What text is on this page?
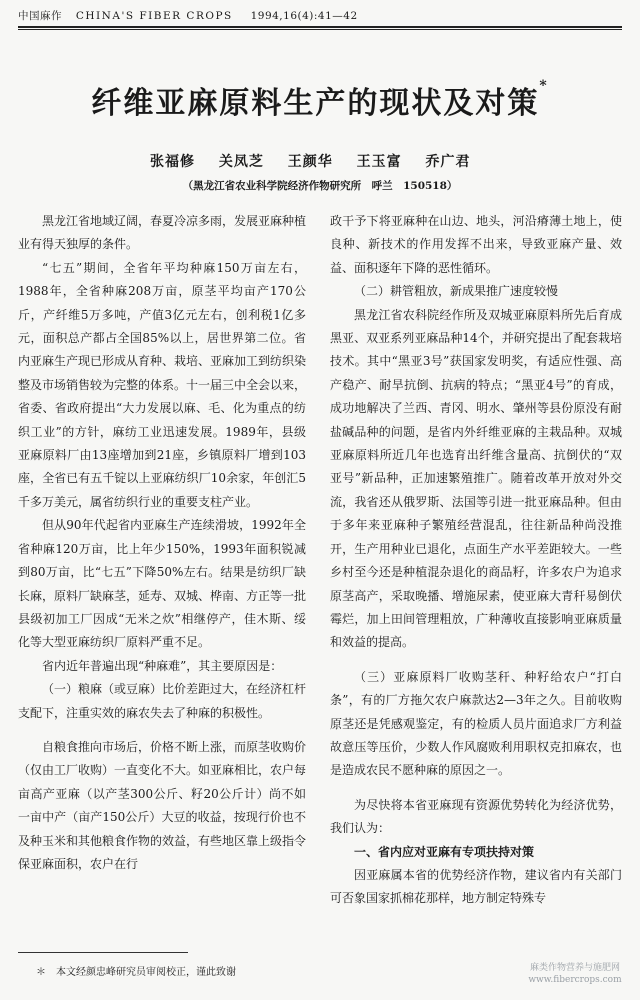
中国麻作 CHINA'S FIBER CROPS 1994,16(4):41—42
纤维亚麻原料生产的现状及对策*
张福修 关凤芝 王颜华 王玉富 乔广君
（黑龙江省农业科学院经济作物研究所　呼兰　150518）

黑龙江省地域辽阔，春夏冷凉多雨，发展亚麻种植业有得天独厚的条件。

“七五”期间，全省年平均种麻150万亩左右，1988年，全省种麻208万亩，原茎平均亩产170公斤，产纤维5万多吨，产值3亿元左右，创利税1亿多元，面积总产都占全国85%以上，居世界第二位。省内亚麻生产现已形成从育种、栽培、亚麻加工到纺织染整及市场销售较为完整的体系。十一届三中全会以来，省委、省政府提出“大力发展以麻、毛、化为重点的纺织工业”的方针，麻纺工业迅速发展。1989年，县级亚麻原料厂由13座增加到21座，乡镇原料厂增到103座，全省已有五千锭以上亚麻纺织厂10余家，年创汇5千多万美元，属省纺织行业的重要支柱产业。

但从90年代起省内亚麻生产连续滑坡，1992年全省种麻120万亩，比上年少150%，1993年面积锐减到80万亩，比“七五”下降50%左右。结果是纺织厂缺长麻，原料厂缺麻茎，延寿、双城、桦南、方正等一批县级初加工厂因成“无米之炊”相继停产，佳木斯、绥化等大型亚麻纺织厂原料严重不足。

省内近年普遍出现“种麻难”，其主要原因是：

（一）粮麻（或豆麻）比价差距过大，在经济杠杆支配下，注重实效的麻农失去了种麻的积极性。

自粮食推向市场后，价格不断上涨，而原茎收购价（仅由工厂收购）一直变化不大。如亚麻相比，农户每亩高产亚麻（以产茎300公斤、籽20公斤计）尚不如一亩中产（亩产150公斤）大豆的收益，按现行价也不及种玉米和其他粮食作物的效益，有些地区靠上级指令保亚麻面积，农户在行

政干予下将亚麻种在山边、地头，河沿瘠薄土地上，使良种、新技术的作用发挥不出来，导致亚麻产量、效益、面积逐年下降的恶性循环。

（二）耕管粗放，新成果推广速度较慢

黑龙江省农科院经作所及双城亚麻原料所先后育成黑亚、双亚系列亚麻品种14个，并研究提出了配套栽培技术。其中“黑亚3号”获国家发明奖，有适应性强、高产稳产、耐旱抗倒、抗病的特点；“黑亚4号”的育成，成功地解决了兰西、青冈、明水、肇州等县份原没有耐盐碱品种的问题，是省内外纤维亚麻的主栽品种。双城亚麻原料所近几年也选育出纤维含量高、抗倒伏的“双亚号”新品种，正加速繁殖推广。随着改革开放对外交流，我省还从俄罗斯、法国等引进一批亚麻品种。但由于多年来亚麻种子繁殖经营混乱，往往新品种尚没推开，生产用种业已退化，点面生产水平差距较大。一些乡村至今还是种植混杂退化的商品籽，许多农户为追求原茎高产，采取晚播、增施尿素，使亚麻大青秆易倒伏霉烂，加上田间管理粗放，广种薄收直接影响亚麻质量和效益的提高。

（三）亚麻原料厂收购茎秆、种籽给农户“打白条”，有的厂方拖欠农户麻款达2—3年之久。目前收购原茎还是凭感观鉴定，有的检质人员片面追求厂方利益故意压等压价，少数人作风腐败利用职权克扣麻农，也是造成农民不愿种麻的原因之一。

为尽快将本省亚麻现有资源优势转化为经济优势，我们认为：

一、省内应对亚麻有专项扶持对策

因亚麻属本省的优势经济作物，建议省内有关部门可否象国家抓棉花那样，地方制定特殊专

＊　本文经颜忠峰研究员审阅校正，谨此致谢	麻类作物营养与施肥网
www.fibercrops.com
